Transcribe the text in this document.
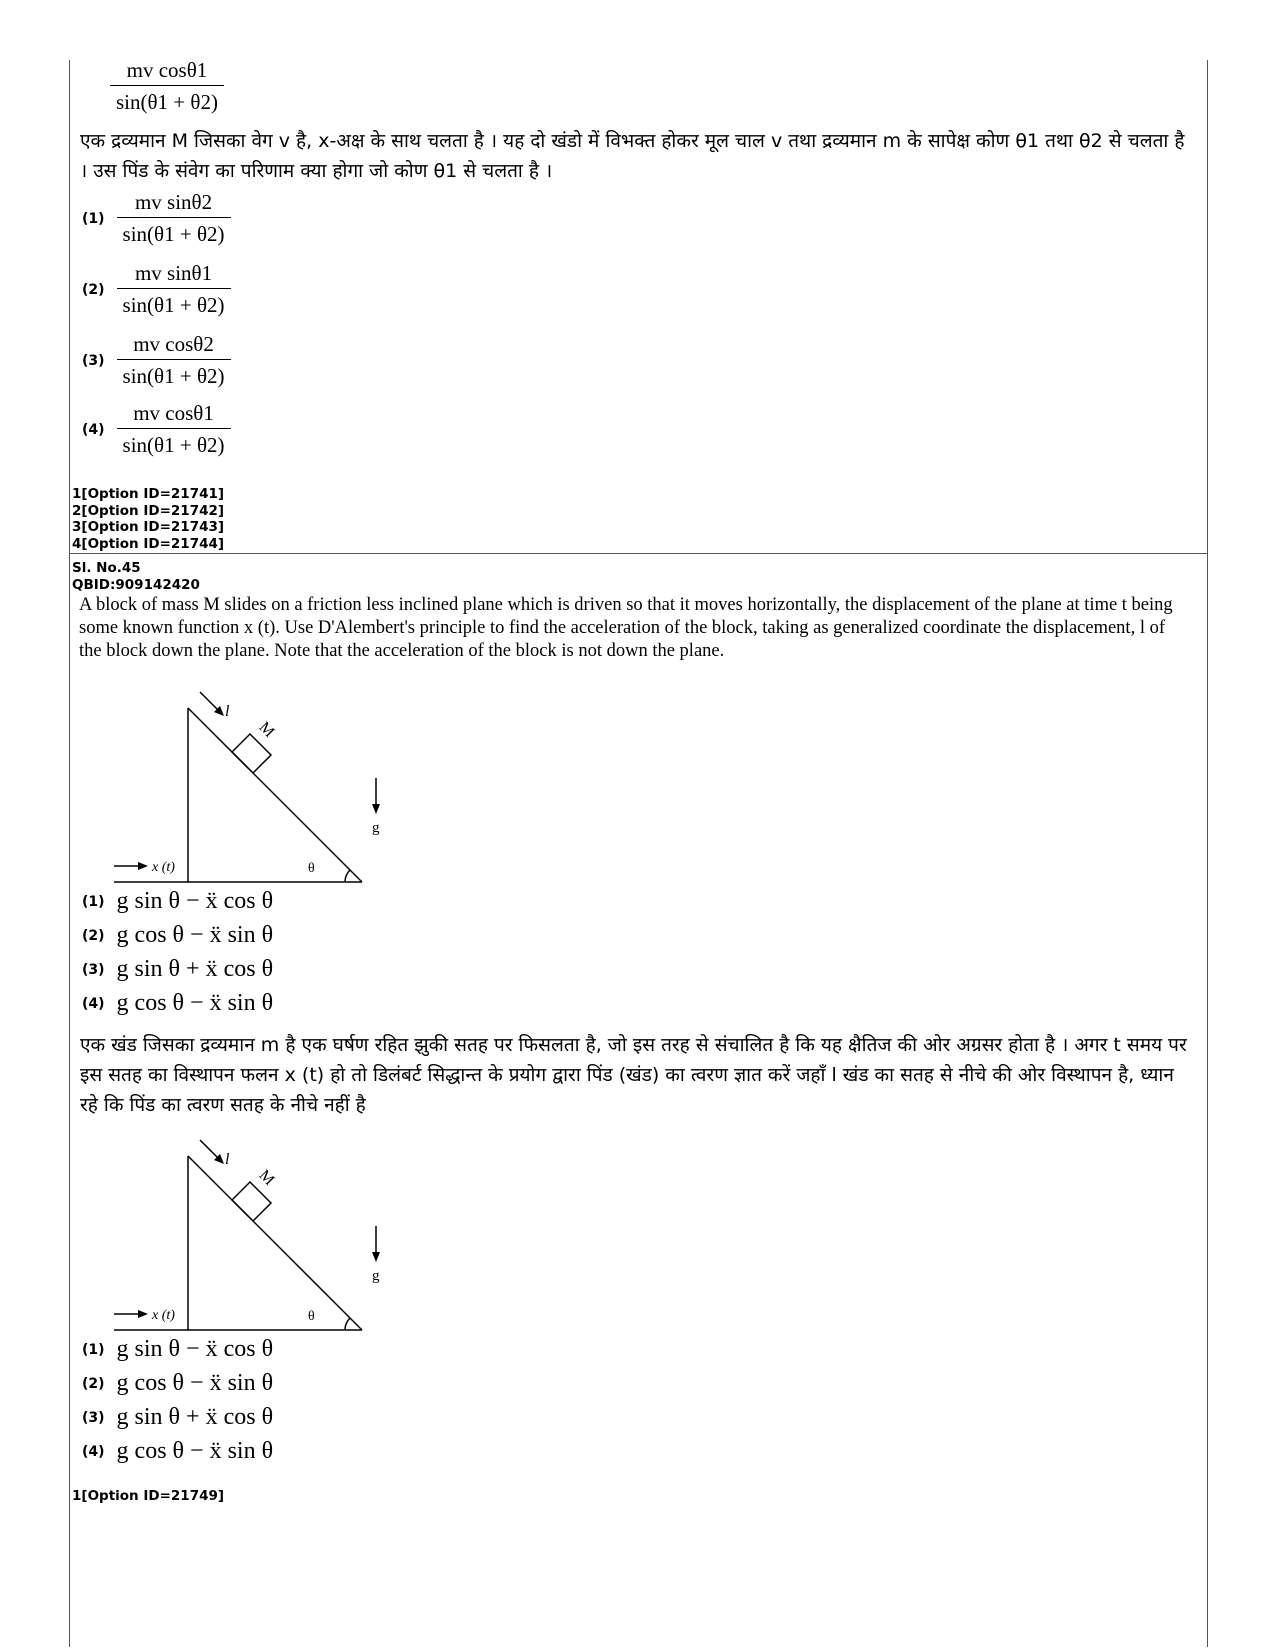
$\frac{\text{mv cosθ1}}{\sin(\theta 1 + \theta 2)}$
एक द्रव्यमान M जिसका वेग v है, x-अक्ष के साथ चलता है । यह दो खंडो में विभक्त होकर मूल चाल v तथा द्रव्यमान m के सापेक्ष कोण θ1 तथा θ2 से चलता है । उस पिंड के संवेग का परिणाम क्या होगा जो कोण θ1 से चलता है ।
$(1) \frac{\text{mv sinθ2}}{\sin(\theta 1 + \theta 2)}$
$(2) \frac{\text{mv sinθ1}}{\sin(\theta 1 + \theta 2)}$
$(3) \frac{\text{mv cosθ2}}{\sin(\theta 1 + \theta 2)}$
$(4) \frac{\text{mv cosθ1}}{\sin(\theta 1 + \theta 2)}$
1[Option ID=21741]
2[Option ID=21742]
3[Option ID=21743]
4[Option ID=21744]
Sl. No.45
QBID:909142420
A block of mass M slides on a friction less inclined plane which is driven so that it moves horizontally, the displacement of the plane at time t being some known function x (t). Use D'Alembert's principle to find the acceleration of the block, taking as generalized coordinate the displacement, l of the block down the plane. Note that the acceleration of the block is not down the plane.
l
M
g
x (t)	θ
(1) g sin θ − ẍ cos θ
(2) g cos θ − ẍ sin θ
(3) g sin θ + ẍ cos θ
(4) g cos θ − ẍ sin θ
एक खंड जिसका द्रव्यमान m है एक घर्षण रहित झुकी सतह पर फिसलता है, जो इस तरह से संचालित है कि यह क्षैतिज की ओर अग्रसर होता है । अगर t समय पर इस सतह का विस्थापन फलन x (t) हो तो डिलंबर्ट सिद्धान्त के प्रयोग द्वारा पिंड (खंड) का त्वरण ज्ञात करें जहाँ l खंड का सतह से नीचे की ओर विस्थापन है, ध्यान रहे कि पिंड का त्वरण सतह के नीचे नहीं है
l
M
g
x (t)	θ
(1) g sin θ − ẍ cos θ
(2) g cos θ − ẍ sin θ
(3) g sin θ + ẍ cos θ
(4) g cos θ − ẍ sin θ
1[Option ID=21749]
